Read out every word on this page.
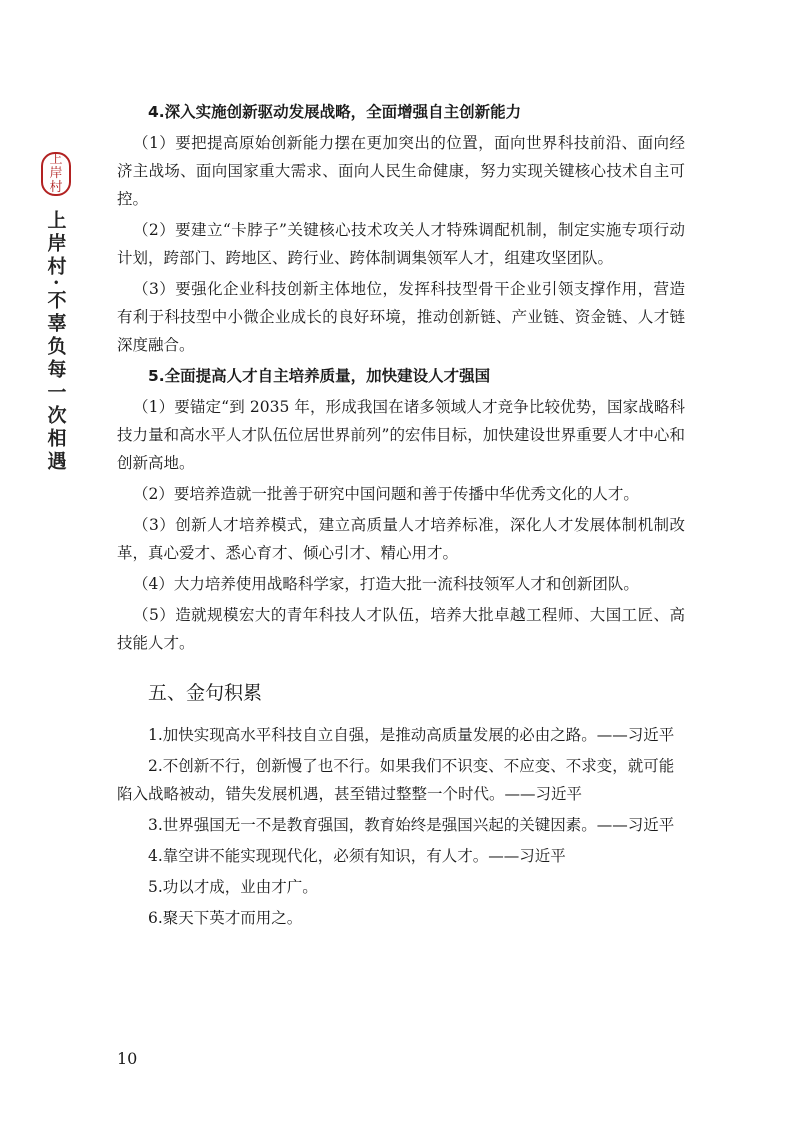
上
岸
村
上岸村·不辜负每一次相遇
4.深入实施创新驱动发展战略，全面增强自主创新能力

（1）要把提高原始创新能力摆在更加突出的位置，面向世界科技前沿、面向经济主战场、面向国家重大需求、面向人民生命健康，努力实现关键核心技术自主可控。

（2）要建立“卡脖子”关键核心技术攻关人才特殊调配机制，制定实施专项行动计划，跨部门、跨地区、跨行业、跨体制调集领军人才，组建攻坚团队。

（3）要强化企业科技创新主体地位，发挥科技型骨干企业引领支撑作用，营造有利于科技型中小微企业成长的良好环境，推动创新链、产业链、资金链、人才链深度融合。

5.全面提高人才自主培养质量，加快建设人才强国

（1）要锚定“到 2035 年，形成我国在诸多领域人才竞争比较优势，国家战略科技力量和高水平人才队伍位居世界前列”的宏伟目标，加快建设世界重要人才中心和创新高地。

（2）要培养造就一批善于研究中国问题和善于传播中华优秀文化的人才。

（3）创新人才培养模式，建立高质量人才培养标准，深化人才发展体制机制改革，真心爱才、悉心育才、倾心引才、精心用才。

（4）大力培养使用战略科学家，打造大批一流科技领军人才和创新团队。

（5）造就规模宏大的青年科技人才队伍，培养大批卓越工程师、大国工匠、高技能人才。

五、金句积累

1.加快实现高水平科技自立自强，是推动高质量发展的必由之路。——习近平

2.不创新不行，创新慢了也不行。如果我们不识变、不应变、不求变，就可能陷入战略被动，错失发展机遇，甚至错过整整一个时代。——习近平

3.世界强国无一不是教育强国，教育始终是强国兴起的关键因素。——习近平

4.靠空讲不能实现现代化，必须有知识，有人才。——习近平

5.功以才成，业由才广。

6.聚天下英才而用之。

10
